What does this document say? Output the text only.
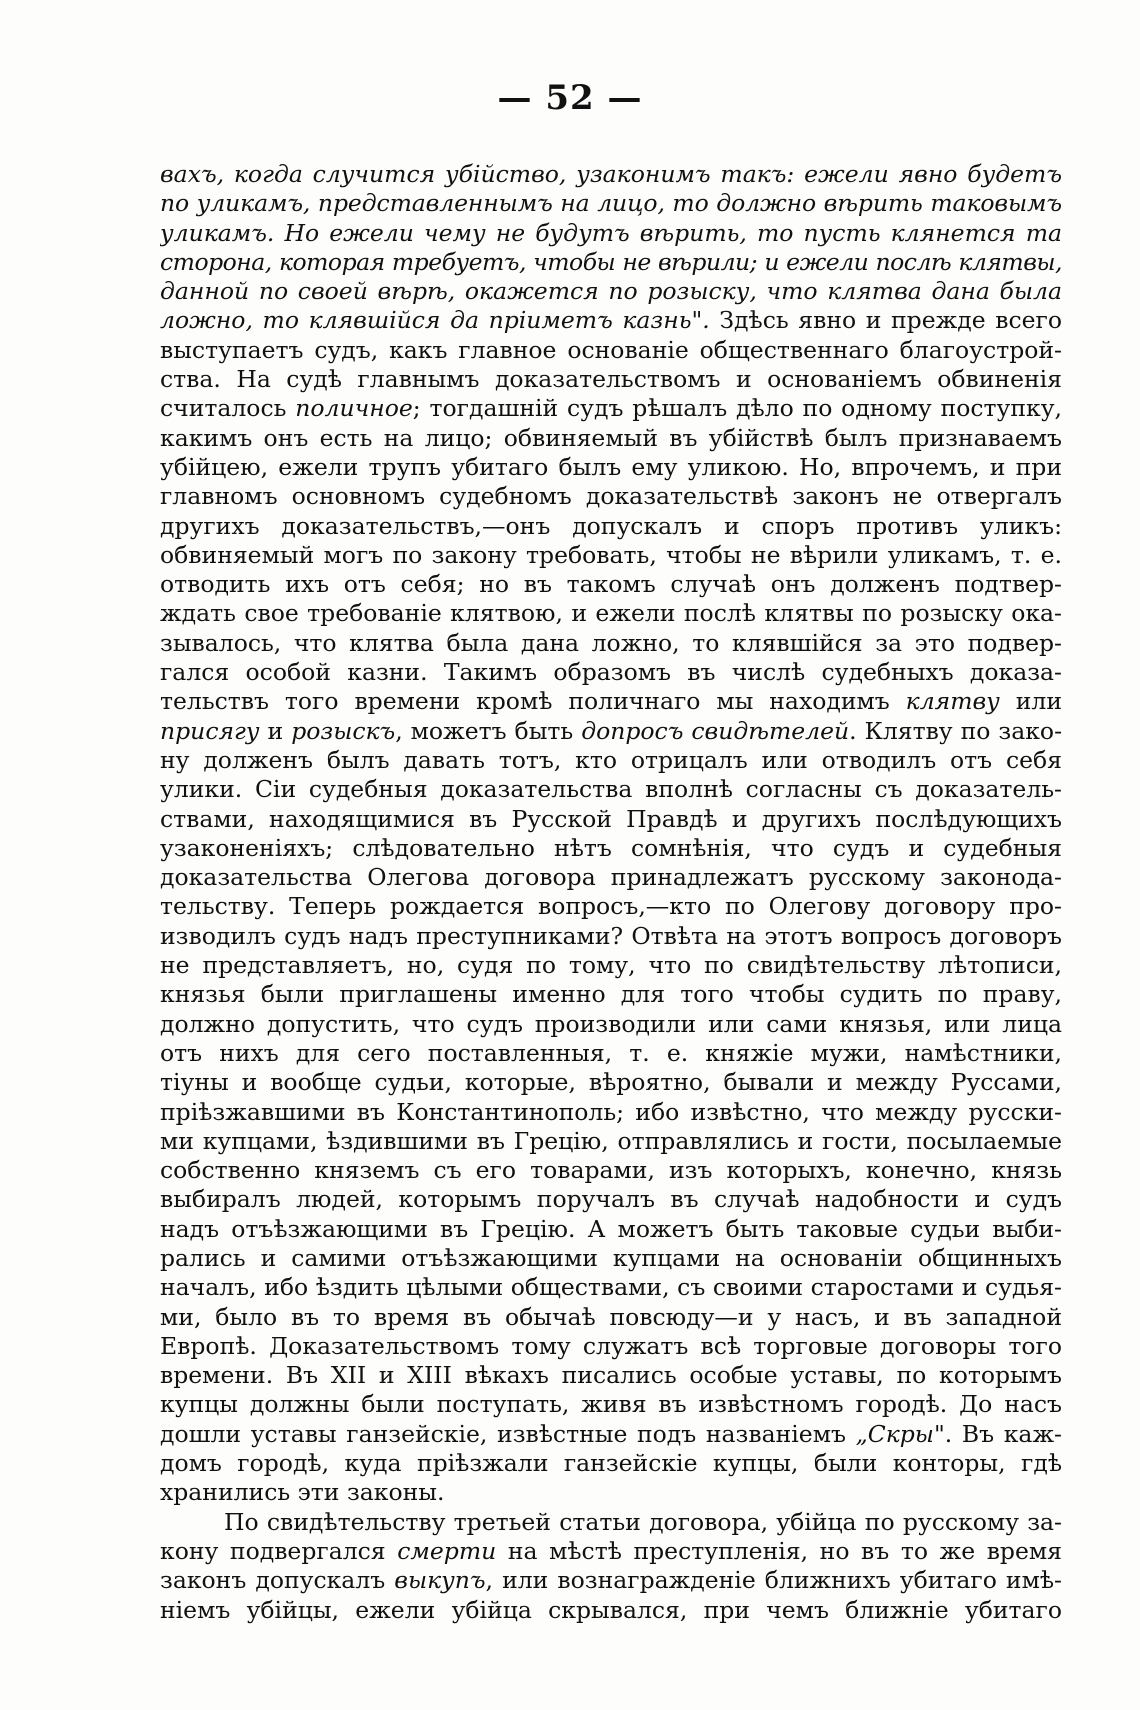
— 52 —
вахъ, когда случится убійство, узаконимъ такъ: ежели явно будетъ
по уликамъ, представленнымъ на лицо, то должно вѣрить таковымъ
уликамъ. Но ежели чему не будутъ вѣрить, то пусть клянется та
сторона, которая требуетъ, чтобы не вѣрили; и ежели послѣ клятвы,
данной по своей вѣрѣ, окажется по розыску, что клятва дана была
ложно, то клявшійся да пріиметъ казнь". Здѣсь явно и прежде всего
выступаетъ судъ, какъ главное основаніе общественнаго благоустрой-
ства. На судѣ главнымъ доказательствомъ и основаніемъ обвиненія
считалось поличное; тогдашній судъ рѣшалъ дѣло по одному поступку,
какимъ онъ есть на лицо; обвиняемый въ убійствѣ былъ признаваемъ
убійцею, ежели трупъ убитаго былъ ему уликою. Но, впрочемъ, и при
главномъ основномъ судебномъ доказательствѣ законъ не отвергалъ
другихъ доказательствъ,—онъ допускалъ и споръ противъ уликъ:
обвиняемый могъ по закону требовать, чтобы не вѣрили уликамъ, т. е.
отводить ихъ отъ себя; но въ такомъ случаѣ онъ долженъ подтвер-
ждать свое требованіе клятвою, и ежели послѣ клятвы по розыску ока-
зывалось, что клятва была дана ложно, то клявшійся за это подвер-
гался особой казни. Такимъ образомъ въ числѣ судебныхъ доказа-
тельствъ того времени кромѣ поличнаго мы находимъ клятву или
присягу и розыскъ, можетъ быть допросъ свидѣтелей. Клятву по зако-
ну долженъ былъ давать тотъ, кто отрицалъ или отводилъ отъ себя
улики. Сіи судебныя доказательства вполнѣ согласны съ доказатель-
ствами, находящимися въ Русской Правдѣ и другихъ послѣдующихъ
узаконеніяхъ; слѣдовательно нѣтъ сомнѣнія, что судъ и судебныя
доказательства Олегова договора принадлежатъ русскому законода-
тельству. Теперь рождается вопросъ,—кто по Олегову договору про-
изводилъ судъ надъ преступниками? Отвѣта на этотъ вопросъ договоръ
не представляетъ, но, судя по тому, что по свидѣтельству лѣтописи,
князья были приглашены именно для того чтобы судить по праву,
должно допустить, что судъ производили или сами князья, или лица
отъ нихъ для сего поставленныя, т. е. княжіе мужи, намѣстники,
тіуны и вообще судьи, которые, вѣроятно, бывали и между Руссами,
пріѣзжавшими въ Константинополь; ибо извѣстно, что между русски-
ми купцами, ѣздившими въ Грецію, отправлялись и гости, посылаемые
собственно княземъ съ его товарами, изъ которыхъ, конечно, князь
выбиралъ людей, которымъ поручалъ въ случаѣ надобности и судъ
надъ отъѣзжающими въ Грецію. А можетъ быть таковые судьи выби-
рались и самими отъѣзжающими купцами на основаніи общинныхъ
началъ, ибо ѣздить цѣлыми обществами, съ своими старостами и судья-
ми, было въ то время въ обычаѣ повсюду—и у насъ, и въ западной
Европѣ. Доказательствомъ тому служатъ всѣ торговые договоры того
времени. Въ XII и XIII вѣкахъ писались особые уставы, по которымъ
купцы должны были поступать, живя въ извѣстномъ городѣ. До насъ
дошли уставы ганзейскіе, извѣстные подъ названіемъ „Скры". Въ каж-
домъ городѣ, куда пріѣзжали ганзейскіе купцы, были конторы, гдѣ
хранились эти законы.
По свидѣтельству третьей статьи договора, убійца по русскому за-
кону подвергался смерти на мѣстѣ преступленія, но въ то же время
законъ допускалъ выкупъ, или вознагражденіе ближнихъ убитаго имѣ-
ніемъ убійцы, ежели убійца скрывался, при чемъ ближніе убитаго
